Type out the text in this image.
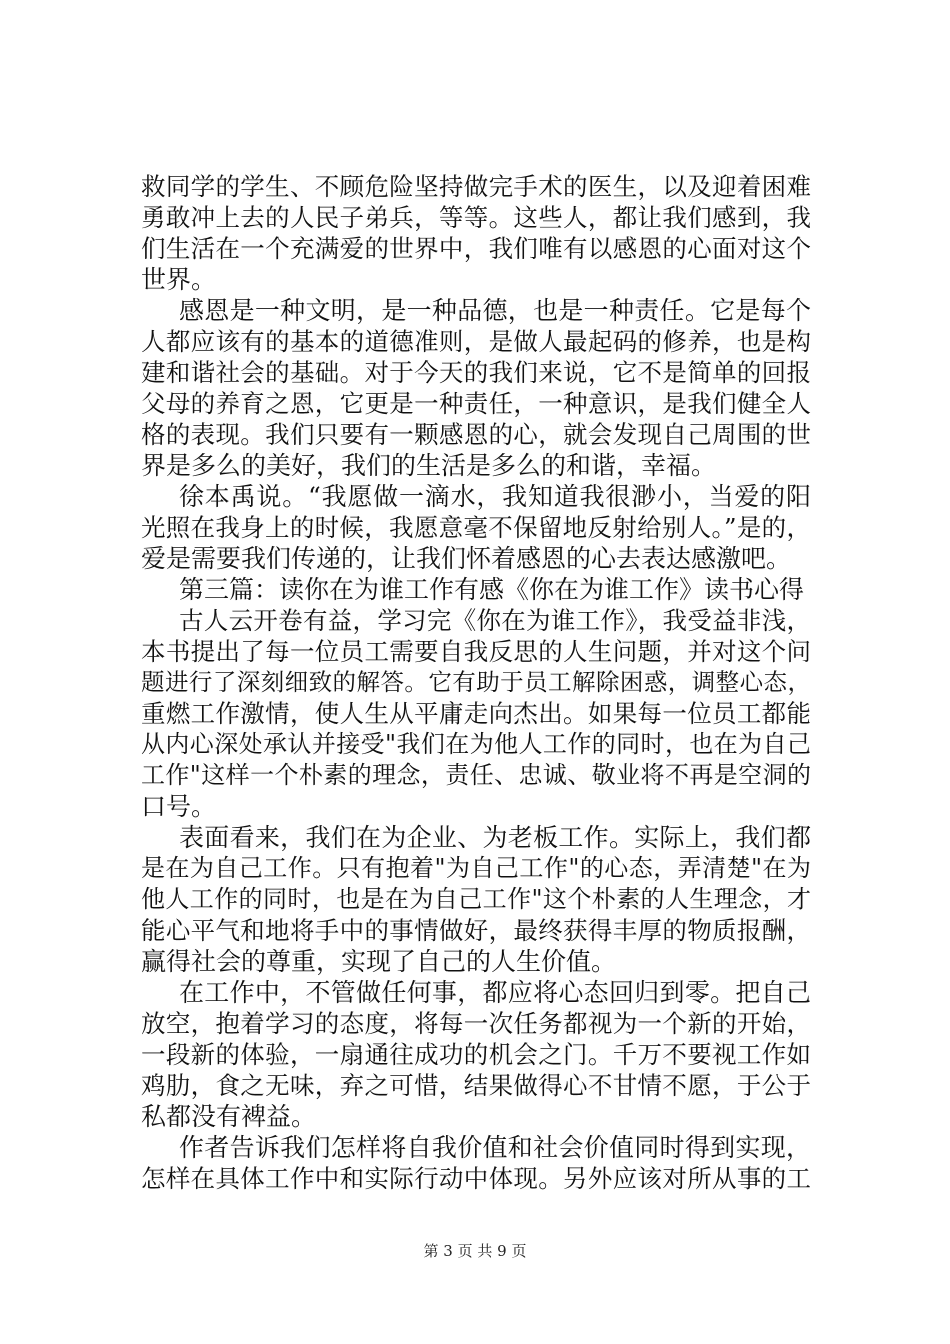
救同学的学生、不顾危险坚持做完手术的医生，以及迎着困难
勇敢冲上去的人民子弟兵，等等。这些人，都让我们感到，我
们生活在一个充满爱的世界中，我们唯有以感恩的心面对这个
世界。
感恩是一种文明，是一种品德，也是一种责任。它是每个
人都应该有的基本的道德准则，是做人最起码的修养，也是构
建和谐社会的基础。对于今天的我们来说，它不是简单的回报
父母的养育之恩，它更是一种责任，一种意识，是我们健全人
格的表现。我们只要有一颗感恩的心，就会发现自己周围的世
界是多么的美好，我们的生活是多么的和谐，幸福。
徐本禹说。“我愿做一滴水，我知道我很渺小，当爱的阳
光照在我身上的时候，我愿意毫不保留地反射给别人。”是的，
爱是需要我们传递的，让我们怀着感恩的心去表达感激吧。
第三篇：读你在为谁工作有感《你在为谁工作》读书心得
古人云开卷有益，学习完《你在为谁工作》，我受益非浅，
本书提出了每一位员工需要自我反思的人生问题，并对这个问
题进行了深刻细致的解答。它有助于员工解除困惑，调整心态，
重燃工作激情，使人生从平庸走向杰出。如果每一位员工都能
从内心深处承认并接受"我们在为他人工作的同时，也在为自己
工作"这样一个朴素的理念，责任、忠诚、敬业将不再是空洞的
口号。
表面看来，我们在为企业、为老板工作。实际上，我们都
是在为自己工作。只有抱着"为自己工作"的心态，弄清楚"在为
他人工作的同时，也是在为自己工作"这个朴素的人生理念，才
能心平气和地将手中的事情做好，最终获得丰厚的物质报酬，
赢得社会的尊重，实现了自己的人生价值。
在工作中，不管做任何事，都应将心态回归到零。把自己
放空，抱着学习的态度，将每一次任务都视为一个新的开始，
一段新的体验，一扇通往成功的机会之门。千万不要视工作如
鸡肋，食之无味，弃之可惜，结果做得心不甘情不愿，于公于
私都没有裨益。
作者告诉我们怎样将自我价值和社会价值同时得到实现，
怎样在具体工作中和实际行动中体现。另外应该对所从事的工
第 3 页 共 9 页
